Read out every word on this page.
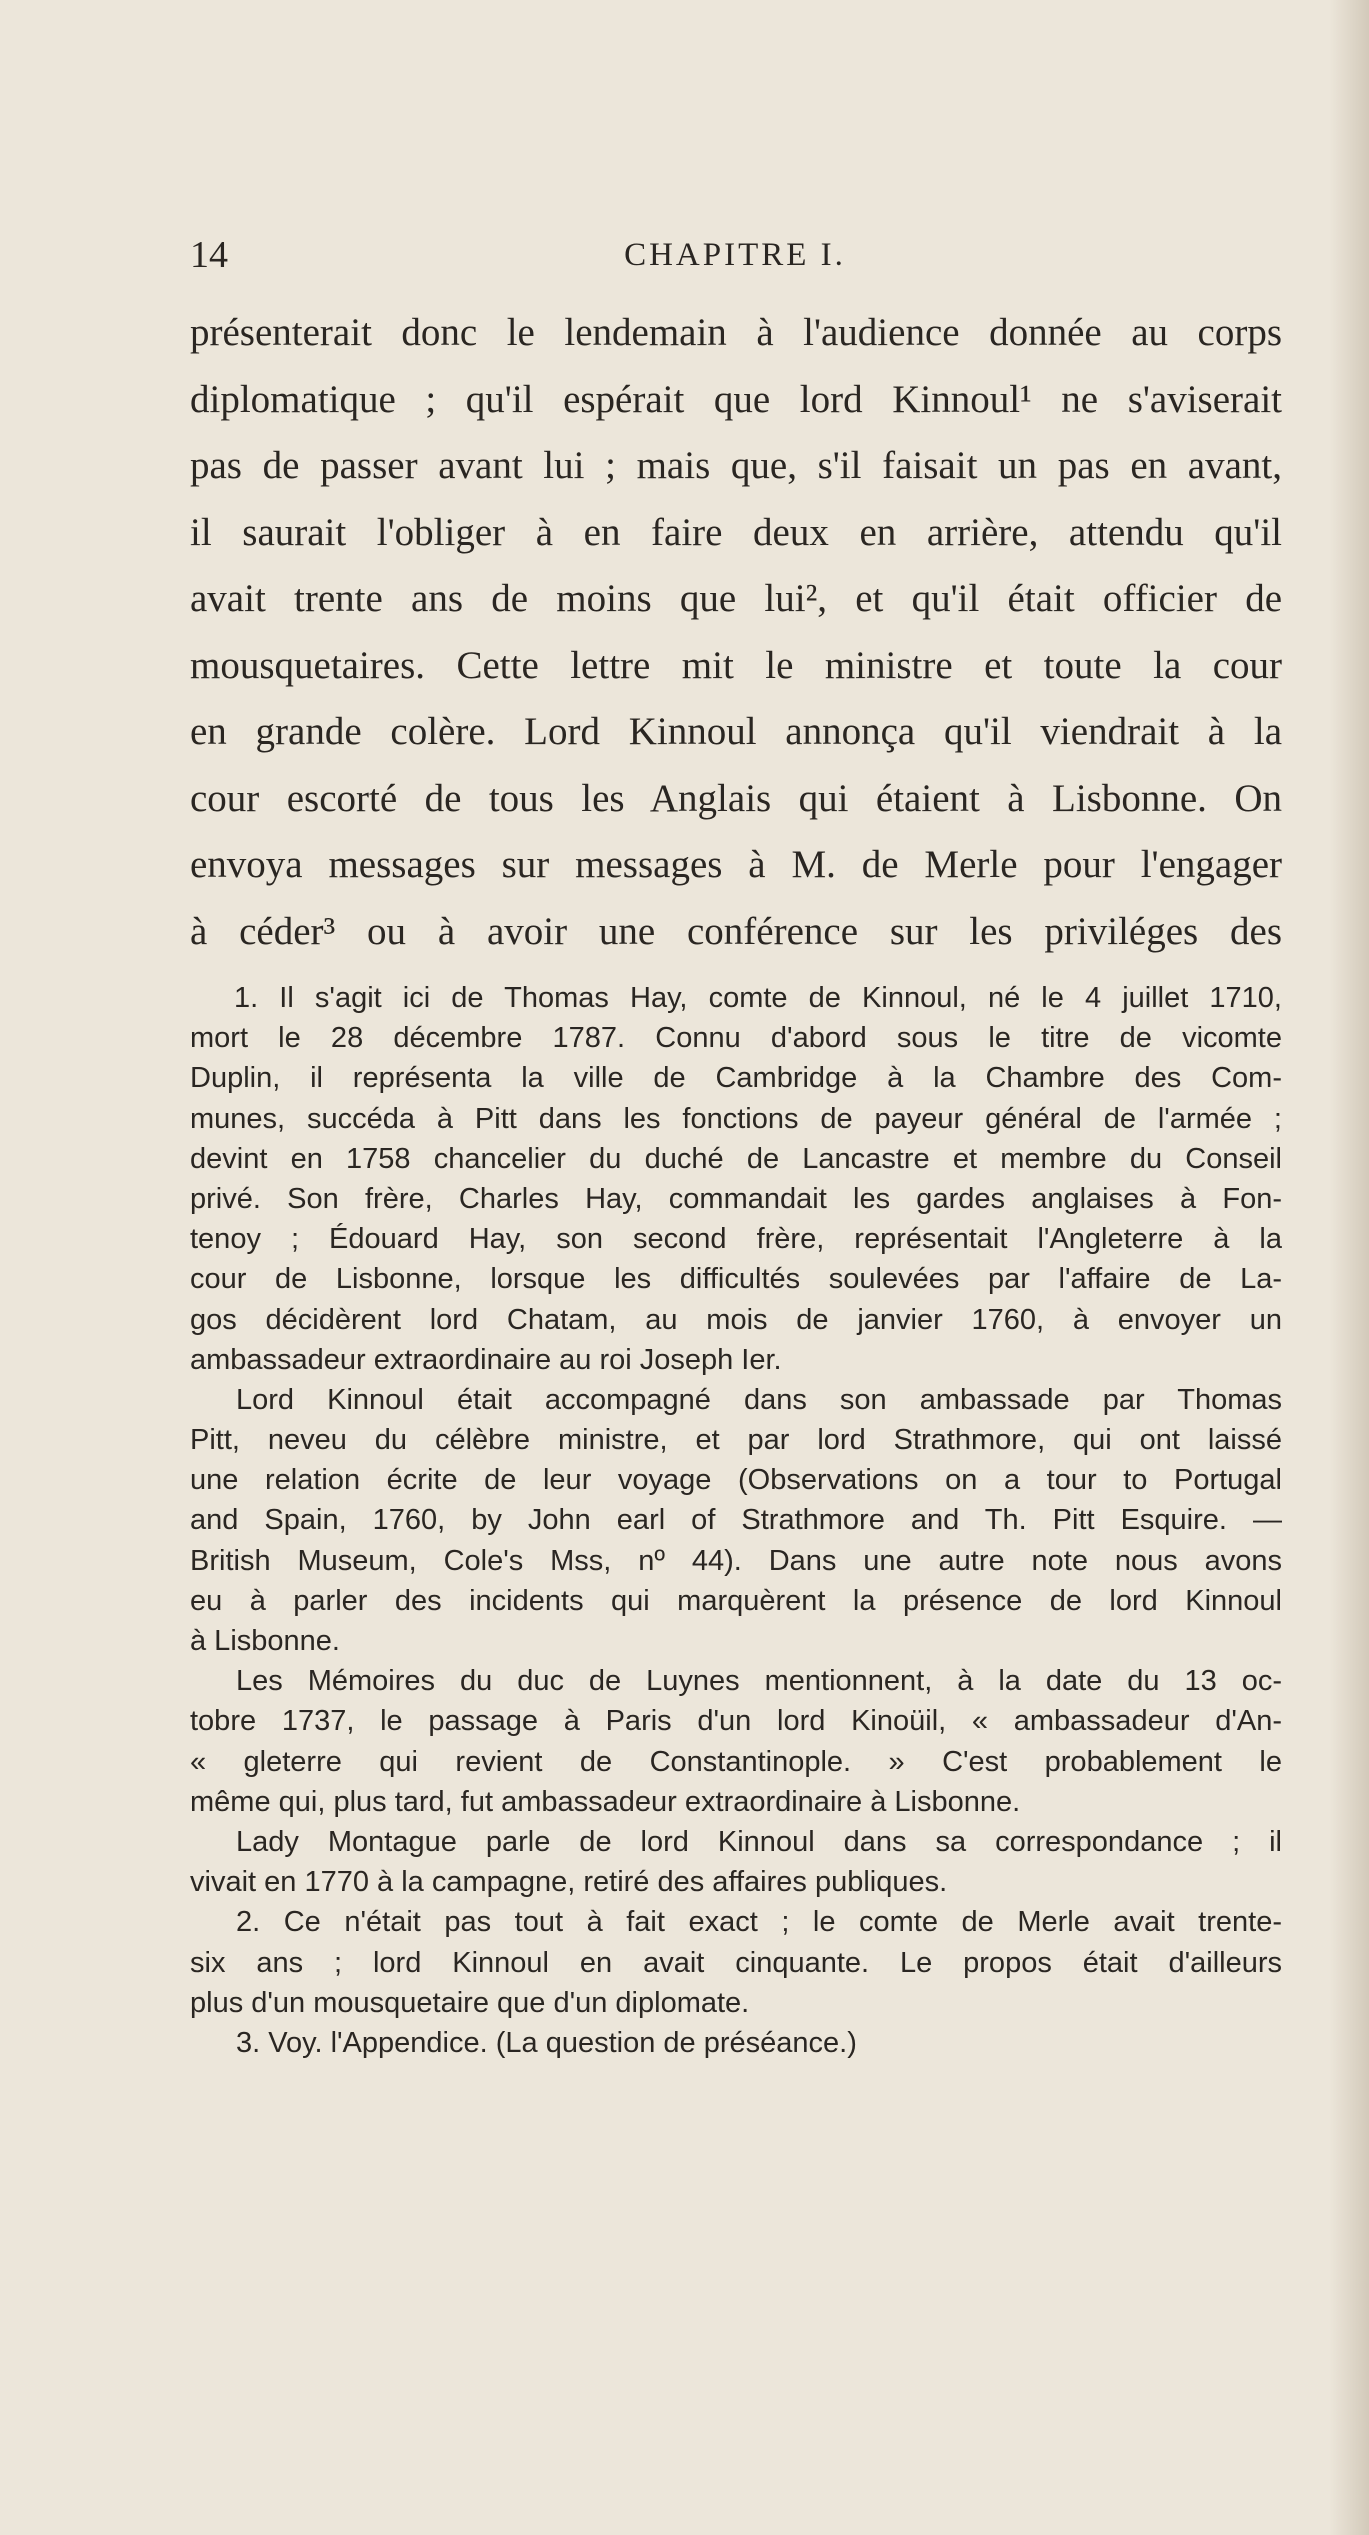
14	CHAPITRE I.
présenterait donc le lendemain à l'audience donnée au corps
diplomatique ; qu'il espérait que lord Kinnoul¹ ne s'aviserait
pas de passer avant lui ; mais que, s'il faisait un pas en avant,
il saurait l'obliger à en faire deux en arrière, attendu qu'il
avait trente ans de moins que lui², et qu'il était officier de
mousquetaires. Cette lettre mit le ministre et toute la cour
en grande colère. Lord Kinnoul annonça qu'il viendrait à la
cour escorté de tous les Anglais qui étaient à Lisbonne. On
envoya messages sur messages à M. de Merle pour l'engager
à céder³ ou à avoir une conférence sur les priviléges des
1. Il s'agit ici de Thomas Hay, comte de Kinnoul, né le 4 juillet 1710,
mort le 28 décembre 1787. Connu d'abord sous le titre de vicomte
Duplin, il représenta la ville de Cambridge à la Chambre des Com-
munes, succéda à Pitt dans les fonctions de payeur général de l'armée ;
devint en 1758 chancelier du duché de Lancastre et membre du Conseil
privé. Son frère, Charles Hay, commandait les gardes anglaises à Fon-
tenoy ; Édouard Hay, son second frère, représentait l'Angleterre à la
cour de Lisbonne, lorsque les difficultés soulevées par l'affaire de La-
gos décidèrent lord Chatam, au mois de janvier 1760, à envoyer un
ambassadeur extraordinaire au roi Joseph Ier.
Lord Kinnoul était accompagné dans son ambassade par Thomas
Pitt, neveu du célèbre ministre, et par lord Strathmore, qui ont laissé
une relation écrite de leur voyage (Observations on a tour to Portugal
and Spain, 1760, by John earl of Strathmore and Th. Pitt Esquire. —
British Museum, Cole's Mss, nº 44). Dans une autre note nous avons
eu à parler des incidents qui marquèrent la présence de lord Kinnoul
à Lisbonne.
Les Mémoires du duc de Luynes mentionnent, à la date du 13 oc-
tobre 1737, le passage à Paris d'un lord Kinoüil, « ambassadeur d'An-
« gleterre qui revient de Constantinople. » C'est probablement le
même qui, plus tard, fut ambassadeur extraordinaire à Lisbonne.
Lady Montague parle de lord Kinnoul dans sa correspondance ; il
vivait en 1770 à la campagne, retiré des affaires publiques.
2. Ce n'était pas tout à fait exact ; le comte de Merle avait trente-
six ans ; lord Kinnoul en avait cinquante. Le propos était d'ailleurs
plus d'un mousquetaire que d'un diplomate.
3. Voy. l'Appendice. (La question de préséance.)
